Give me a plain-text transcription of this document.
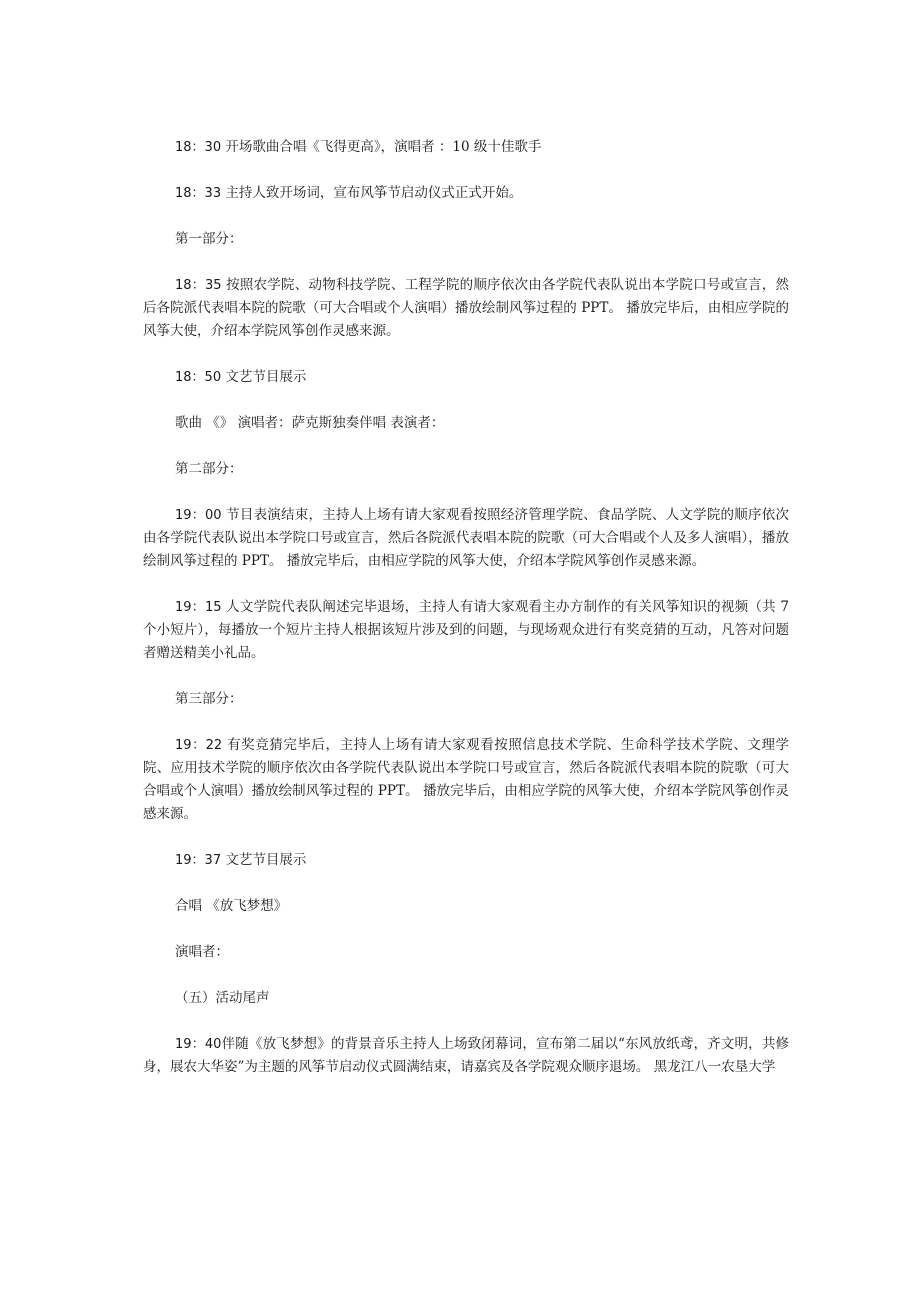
18：30 开场歌曲合唱《飞得更高》，演唱者 ：10 级十佳歌手

18：33 主持人致开场词，宣布风筝节启动仪式正式开始。

第一部分：

18：35 按照农学院、动物科技学院、工程学院的顺序依次由各学院代表队说出本学院口号或宣言，然后各院派代表唱本院的院歌（可大合唱或个人演唱）播放绘制风筝过程的 PPT。 播放完毕后，由相应学院的风筝大使，介绍本学院风筝创作灵感来源。

18：50 文艺节目展示

歌曲 《》 演唱者：萨克斯独奏伴唱 表演者：

第二部分：

19：00 节目表演结束，主持人上场有请大家观看按照经济管理学院、食品学院、人文学院的顺序依次由各学院代表队说出本学院口号或宣言，然后各院派代表唱本院的院歌（可大合唱或个人及多人演唱），播放绘制风筝过程的 PPT。 播放完毕后，由相应学院的风筝大使，介绍本学院风筝创作灵感来源。

19：15 人文学院代表队阐述完毕退场，主持人有请大家观看主办方制作的有关风筝知识的视频（共 7 个小短片），每播放一个短片主持人根据该短片涉及到的问题，与现场观众进行有奖竞猜的互动，凡答对问题者赠送精美小礼品。

第三部分：

19：22 有奖竞猜完毕后，主持人上场有请大家观看按照信息技术学院、生命科学技术学院、文理学院、应用技术学院的顺序依次由各学院代表队说出本学院口号或宣言，然后各院派代表唱本院的院歌（可大合唱或个人演唱）播放绘制风筝过程的 PPT。 播放完毕后，由相应学院的风筝大使，介绍本学院风筝创作灵感来源。

19：37 文艺节目展示

合唱 《放飞梦想》

演唱者：

（五）活动尾声

19：40伴随《放飞梦想》的背景音乐主持人上场致闭幕词，宣布第二届以“东风放纸鸢，齐文明，共修身，展农大华姿”为主题的风筝节启动仪式圆满结束，请嘉宾及各学院观众顺序退场。 黑龙江八一农垦大学
